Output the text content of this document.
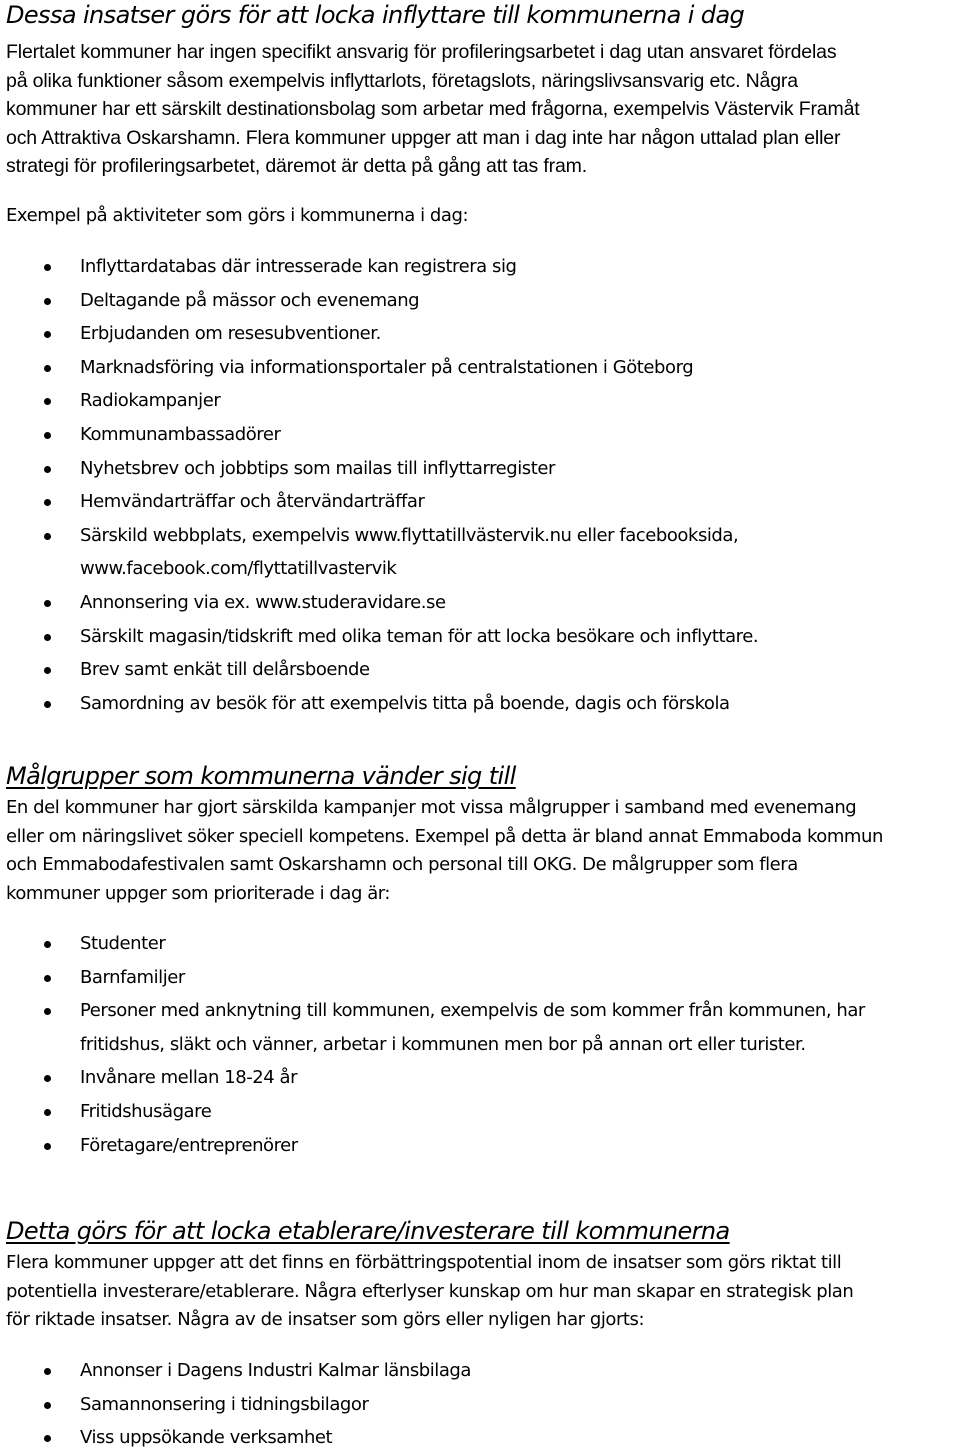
Dessa insatser görs för att locka inflyttare till kommunerna i dag

Flertalet kommuner har ingen specifikt ansvarig för profileringsarbetet i dag utan ansvaret fördelas
på olika funktioner såsom exempelvis inflyttarlots, företagslots, näringslivsansvarig etc. Några
kommuner har ett särskilt destinationsbolag som arbetar med frågorna, exempelvis Västervik Framåt
och Attraktiva Oskarshamn. Flera kommuner uppger att man i dag inte har någon uttalad plan eller
strategi för profileringsarbetet, däremot är detta på gång att tas fram.

Exempel på aktiviteter som görs i kommunerna i dag:

Inflyttardatabas där intresserade kan registrera sig
Deltagande på mässor och evenemang
Erbjudanden om resesubventioner.
Marknadsföring via informationsportaler på centralstationen i Göteborg
Radiokampanjer
Kommunambassadörer
Nyhetsbrev och jobbtips som mailas till inflyttarregister
Hemvändarträffar och återvändarträffar
Särskild webbplats, exempelvis www.flyttatillvästervik.nu eller facebooksida,
www.facebook.com/flyttatillvastervik
Annonsering via ex. www.studeravidare.se
Särskilt magasin/tidskrift med olika teman för att locka besökare och inflyttare.
Brev samt enkät till delårsboende
Samordning av besök för att exempelvis titta på boende, dagis och förskola
Målgrupper som kommunerna vänder sig till

En del kommuner har gjort särskilda kampanjer mot vissa målgrupper i samband med evenemang
eller om näringslivet söker speciell kompetens. Exempel på detta är bland annat Emmaboda kommun
och Emmabodafestivalen samt Oskarshamn och personal till OKG. De målgrupper som flera
kommuner uppger som prioriterade i dag är:

Studenter
Barnfamiljer
Personer med anknytning till kommunen, exempelvis de som kommer från kommunen, har
fritidshus, släkt och vänner, arbetar i kommunen men bor på annan ort eller turister.
Invånare mellan 18-24 år
Fritidshusägare
Företagare/entreprenörer
Detta görs för att locka etablerare/investerare till kommunerna

Flera kommuner uppger att det finns en förbättringspotential inom de insatser som görs riktat till
potentiella investerare/etablerare. Några efterlyser kunskap om hur man skapar en strategisk plan
för riktade insatser. Några av de insatser som görs eller nyligen har gjorts:

Annonser i Dagens Industri Kalmar länsbilaga
Samannonsering i tidningsbilagor
Viss uppsökande verksamhet
